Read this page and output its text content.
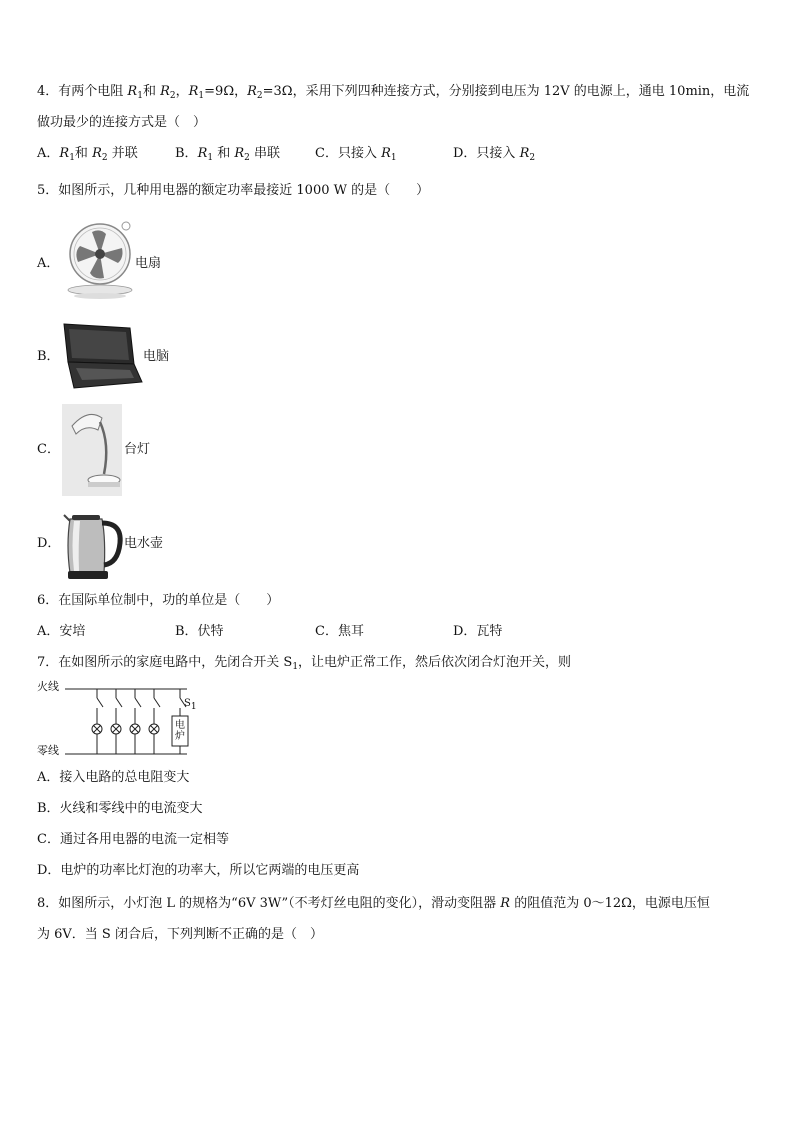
4．有两个电阻 $R_1$和 $R_2$，$R_1=9\Omega$，$R_2=3\Omega$，采用下列四种连接方式，分别接到电压为 12V 的电源上，通电 10min，电流
做功最少的连接方式是（　）
A．$R_1$和 $R_2$ 并联	B．$R_1$ 和 $R_2$ 串联	C．只接入 $R_1$	D．只接入 $R_2$
5．如图所示，几种用电器的额定功率最接近 1000 W 的是（　　）
A．	电扇
B．	电脑
C．	台灯
D．	电水壶
6．在国际单位制中，功的单位是（　　）
A．安培	B．伏特	C．焦耳	D．瓦特
7．在如图所示的家庭电路中，先闭合开关 $S_1$，让电炉正常工作，然后依次闭合灯泡开关，则
火线
零线
$S_1$
电
炉
A．接入电路的总电阻变大
B．火线和零线中的电流变大
C．通过各用电器的电流一定相等
D．电炉的功率比灯泡的功率大，所以它两端的电压更高
8．如图所示，小灯泡 L 的规格为“6V 3W”（不考灯丝电阻的变化），滑动变阻器 R 的阻值范为 0～12Ω，电源电压恒
为 6V．当 S 闭合后，下列判断不正确的是（　）
